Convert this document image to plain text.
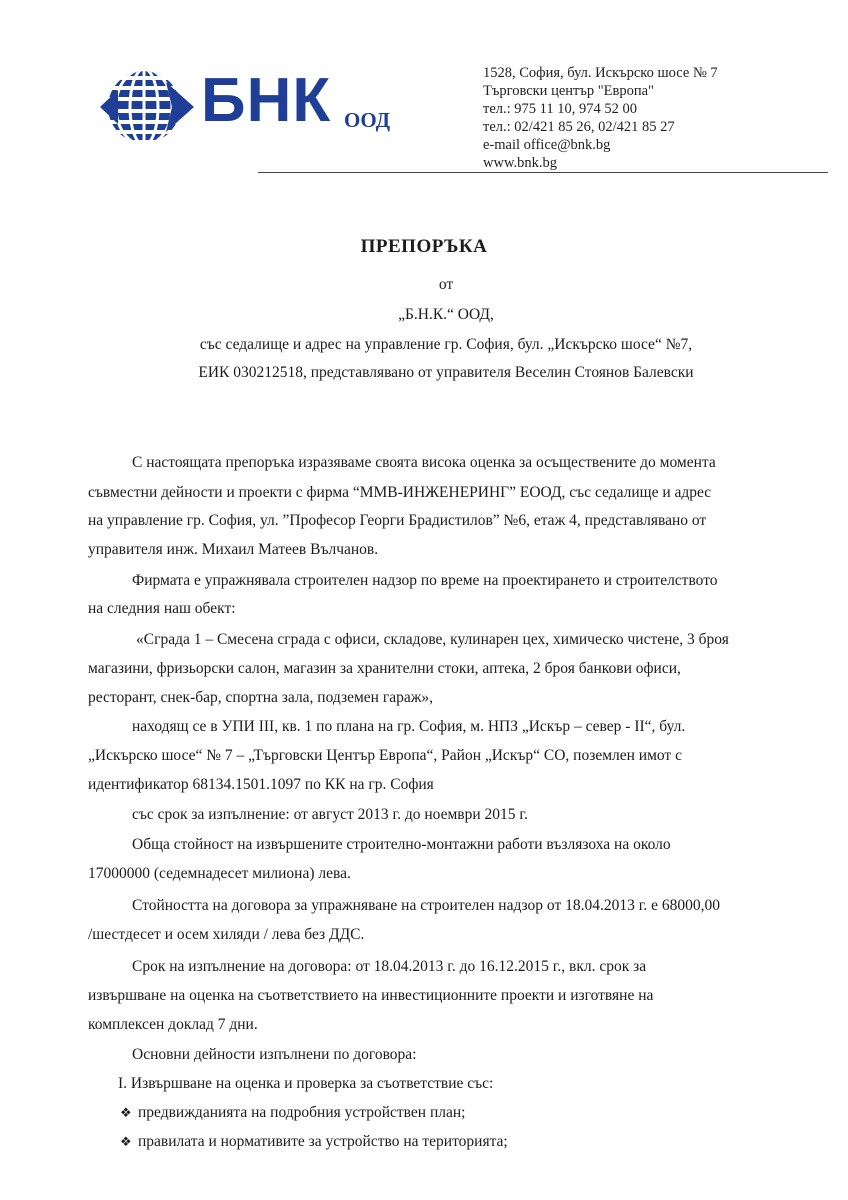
БНК ООД
1528, София, бул. Искърско шосе № 7
Търговски център "Европа"
тел.: 975 11 10, 974 52 00
тел.: 02/421 85 26, 02/421 85 27
e-mail office@bnk.bg
www.bnk.bg
ПРЕПОРЪКА
от
„Б.Н.К.“ ООД,
със седалище и адрес на управление гр. София, бул. „Искърско шосе“ №7,
ЕИК 030212518, представлявано от управителя Веселин Стоянов Балевски
С настоящата препоръка изразяваме своята висока оценка за осъществените до момента
съвместни дейности и проекти с фирма “ММВ-ИНЖЕНЕРИНГ” ЕООД, със седалище и адрес
на управление гр. София, ул. ”Професор Георги Брадистилов” №6, етаж 4, представлявано от
управителя инж. Михаил Матеев Вълчанов.
Фирмата е упражнявала строителен надзор по време на проектирането и строителството
на следния наш обект:
«Сграда 1 – Смесена сграда с офиси, складове, кулинарен цех, химическо чистене, 3 броя
магазини, фризьорски салон, магазин за хранителни стоки, аптека, 2 броя банкови офиси,
ресторант, снек-бар, спортна зала, подземен гараж»,
находящ се в УПИ III, кв. 1 по плана на гр. София, м. НПЗ „Искър – север - II“, бул.
„Искърско шосе“ № 7 – „Търговски Център Европа“, Район „Искър“ СО, поземлен имот с
идентификатор 68134.1501.1097 по КК на гр. София
със срок за изпълнение: от август 2013 г. до ноември 2015 г.
Обща стойност на извършените строително-монтажни работи възлязоха на около
17000000 (седемнадесет милиона) лева.
Стойността на договора за упражняване на строителен надзор от 18.04.2013 г. е 68000,00
/шестдесет и осем хиляди / лева без ДДС.
Срок на изпълнение на договора: от 18.04.2013 г. до 16.12.2015 г., вкл. срок за
извършване на оценка на съответствието на инвестиционните проекти и изготвяне на
комплексен доклад 7 дни.
Основни дейности изпълнени по договора:
I. Извършване на оценка и проверка за съответствие със:
❖ предвижданията на подробния устройствен план;
❖ правилата и нормативите за устройство на територията;
